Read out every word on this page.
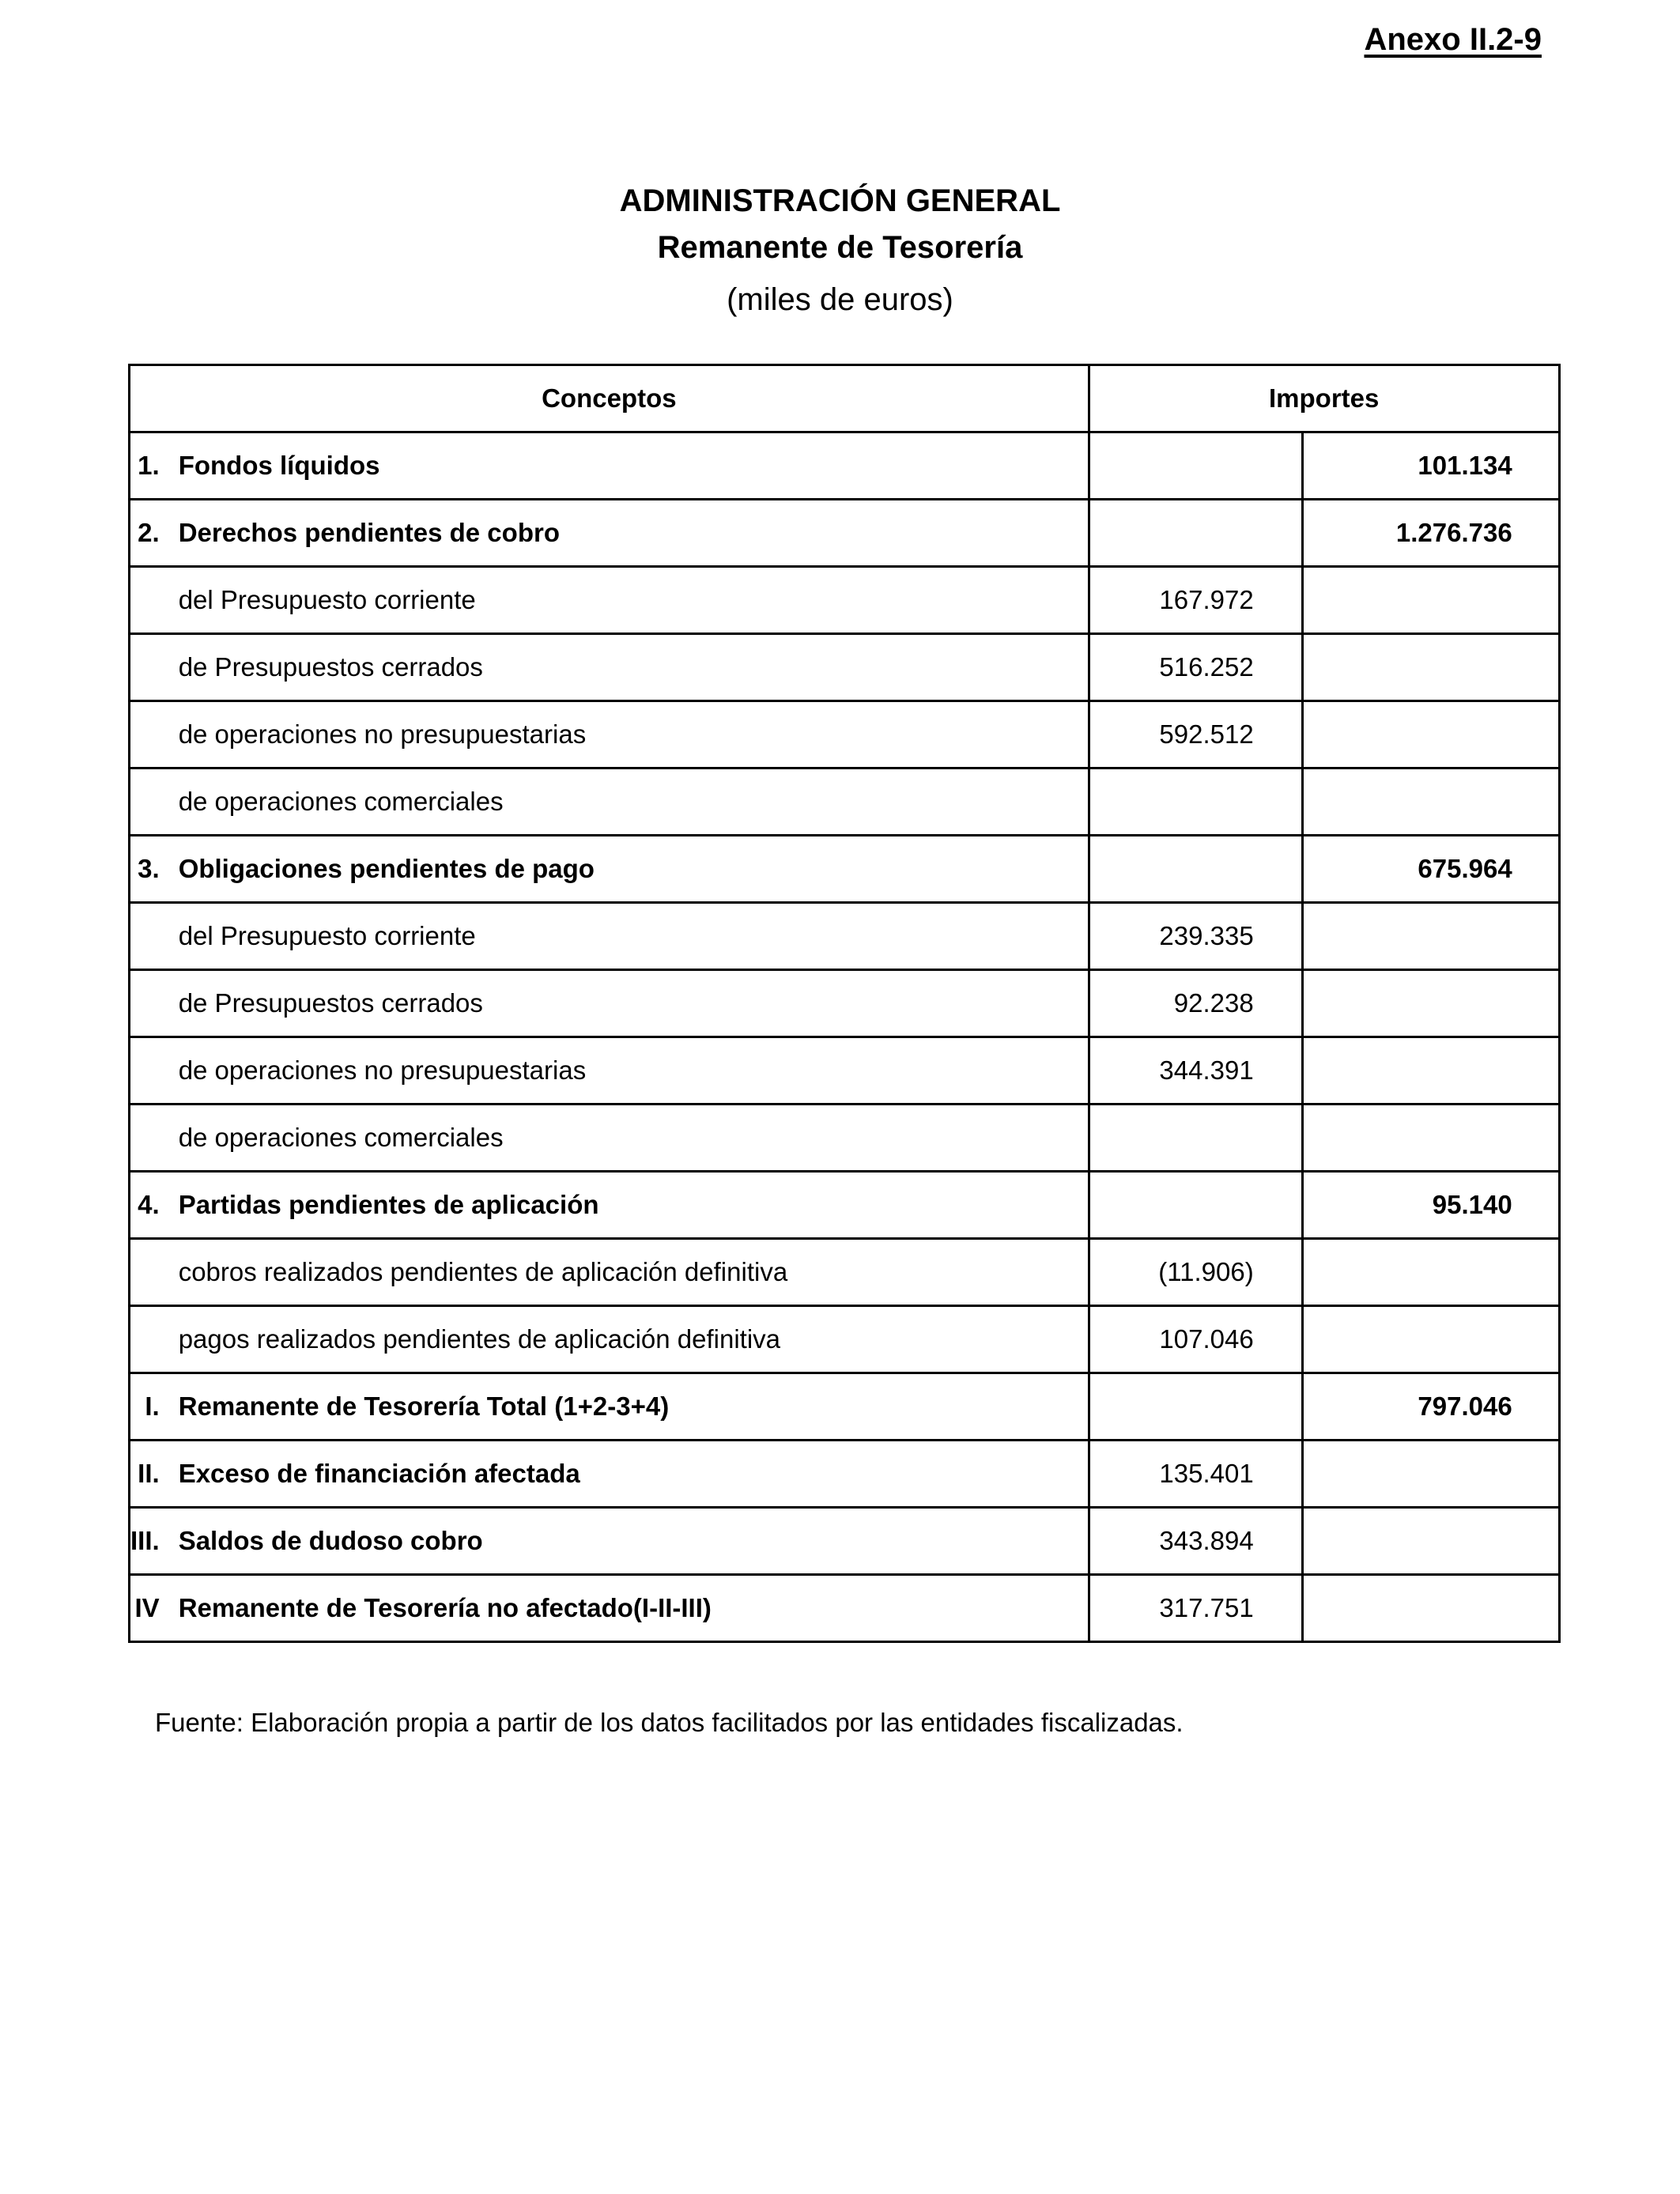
Anexo II.2-9
ADMINISTRACIÓN GENERAL
Remanente de Tesorería
(miles de euros)
Conceptos		Importes	
1.	Fondos líquidos		101.134
2.	Derechos pendientes de cobro		1.276.736
	del Presupuesto corriente	167.972	
	de Presupuestos cerrados	516.252	
	de operaciones no presupuestarias	592.512	
	de operaciones comerciales		
3.	Obligaciones pendientes de pago		675.964
	del Presupuesto corriente	239.335	
	de Presupuestos cerrados	92.238	
	de operaciones no presupuestarias	344.391	
	de operaciones comerciales		
4.	Partidas pendientes de aplicación		95.140
	cobros realizados pendientes de aplicación definitiva	(11.906)	
	pagos realizados pendientes de aplicación definitiva	107.046	
I.	Remanente de Tesorería Total (1+2-3+4)		797.046
II.	Exceso de financiación afectada	135.401	
III.	Saldos de dudoso cobro	343.894	
IV	Remanente de Tesorería no afectado(I-II-III)	317.751	
Fuente: Elaboración propia a partir de los datos facilitados por las entidades fiscalizadas.
